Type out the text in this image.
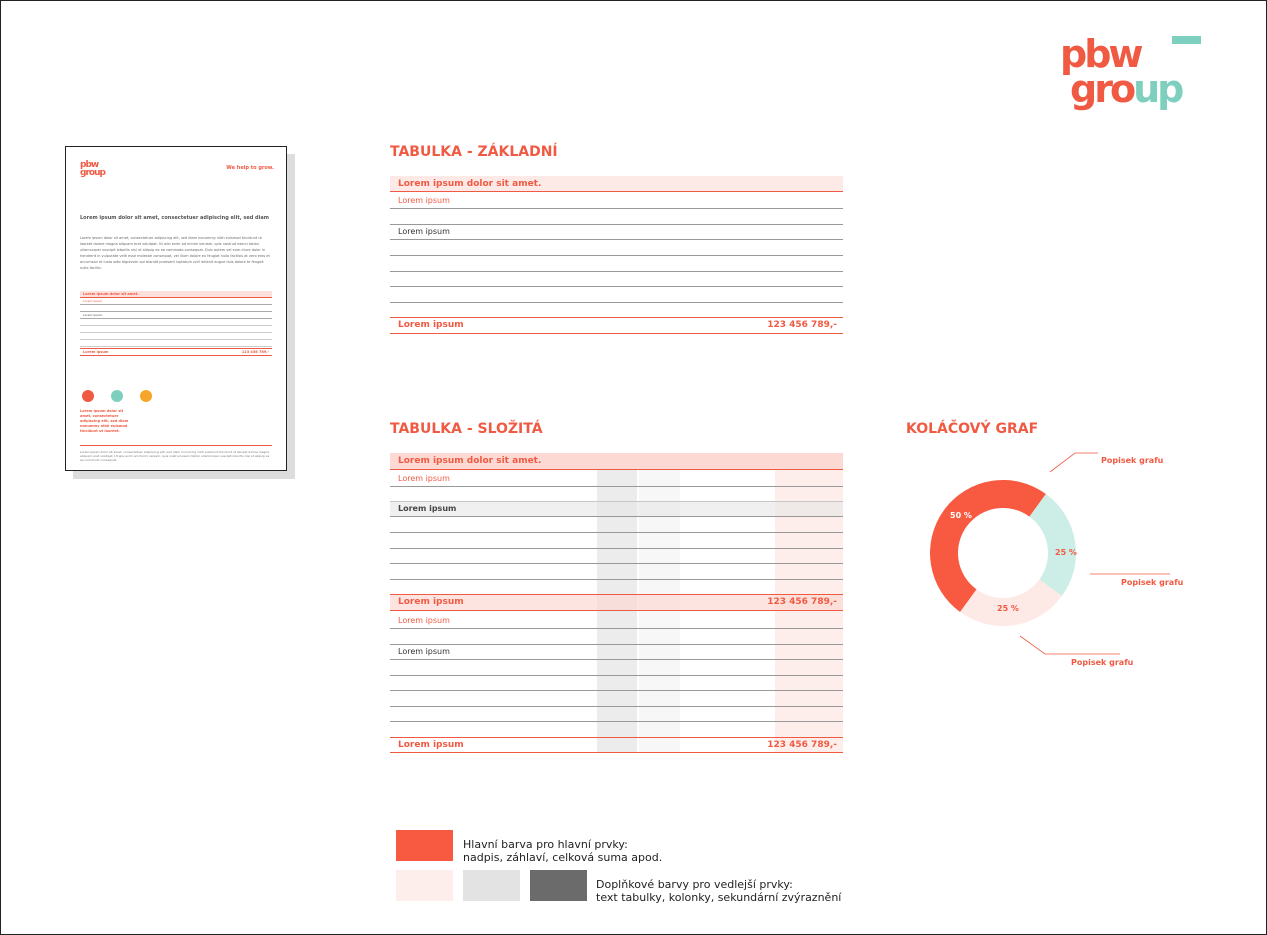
pbw
group
pbw
group	We help to grow.
Lorem ipsum dolor sit amet, consectetuer adipiscing elit, sed diam
Lorem ipsum dolor sit amet, consectetuer adipiscing elit, sed diam nonummy nibh euismod tincidunt ut laoreet dolore magna aliquam erat volutpat. Ut wisi enim ad minim veniam, quis nostrud exerci tation ullamcorper suscipit lobortis nisl ut aliquip ex ea commodo consequat. Duis autem vel eum iriure dolor in hendrerit in vulputate velit esse molestie consequat, vel illum dolore eu feugiat nulla facilisis at vero eros et accumsan et iusto odio dignissim qui blandit praesent luptatum zzril delenit augue duis dolore te feugait nulla facilisi.
Lorem ipsum dolor sit amet.
Lorem ipsum
Lorem ipsum
Lorem ipsum	123 456 789,-
Lorem ipsum dolor sit amet, consectetuer adipiscing elit, sed diam nonummy nibh euismod tincidunt ut laoreet.
Lorem ipsum dolor sit amet, consectetuer adipiscing elit, sed diam nonummy nibh euismod tincidunt ut laoreet dolore magna aliquam erat volutpat. Ut wisi enim ad minim veniam, quis nostrud exerci tation ullamcorper suscipit lobortis nisl ut aliquip ex ea commodo consequat.
TABULKA - ZÁKLADNÍ
Lorem ipsum dolor sit amet.
Lorem ipsum
Lorem ipsum
Lorem ipsum	123 456 789,-
TABULKA - SLOŽITÁ
Lorem ipsum dolor sit amet.
Lorem ipsum
Lorem ipsum
Lorem ipsum	123 456 789,-
Lorem ipsum
Lorem ipsum
Lorem ipsum	123 456 789,-
KOLÁČOVÝ GRAF
Popisek grafu
Popisek grafu
Popisek grafu
50 %
25 %
25 %
Hlavní barva pro hlavní prvky:
nadpis, záhlaví, celková suma apod.
Doplňkové barvy pro vedlejší prvky:
text tabulky, kolonky, sekundární zvýraznění
